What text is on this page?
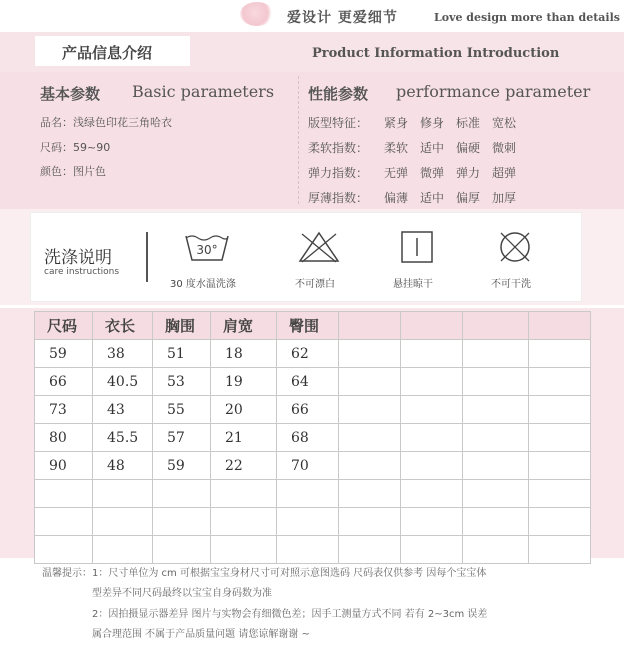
爱设计 更爱细节	Love design more than details
产品信息介绍	Product Information Introduction
基本参数 Basic parameters
品名：浅绿色印花三角哈衣
尺码：59~90
颜色：图片色
性能参数 performance parameter
版型特征： 紧身 修身 标准 宽松
柔软指数： 柔软 适中 偏硬 微刺
弹力指数： 无弹 微弹 弹力 超弹
厚薄指数： 偏薄 适中 偏厚 加厚
洗涤说明
care instructions
30°
30 度水温洗涤	不可漂白	悬挂晾干	不可干洗
尺码	衣长	胸围	肩宽	臀围				
59	38	51	18	62				
66	40.5	53	19	64				
73	43	55	20	66				
80	45.5	57	21	68				
90	48	59	22	70				

温馨提示：1：尺寸单位为 cm 可根据宝宝身材尺寸可对照示意图选码 尺码表仅供参考 因每个宝宝体
型差异不同尺码最终以宝宝自身码数为准
2：因拍摄显示器差异 图片与实物会有细微色差；因手工测量方式不同 若有 2~3cm 误差
属合理范围 不属于产品质量问题 请您谅解谢谢 ~
